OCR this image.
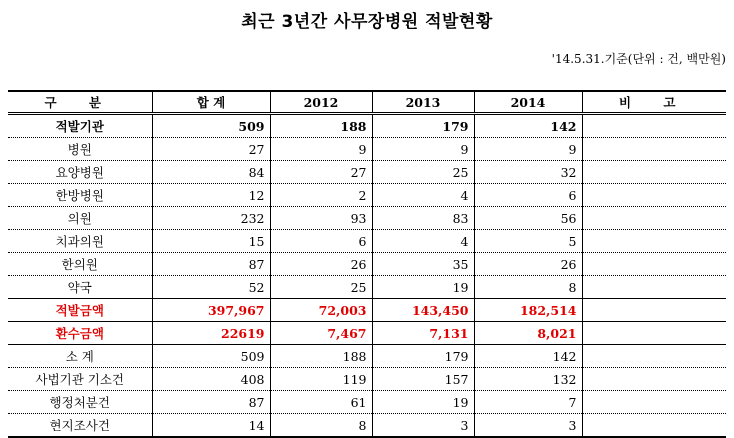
최근 3년간 사무장병원 적발현황
'14.5.31.기준(단위 : 건, 백만원)
구 분	합 계	2012	2013	2014	비 고
적발기관	509	188	179	142	
병원	27	9	9	9	
요양병원	84	27	25	32	
한방병원	12	2	4	6	
의원	232	93	83	56	
치과의원	15	6	4	5	
한의원	87	26	35	26	
약국	52	25	19	8	
적발금액	397,967	72,003	143,450	182,514	
환수금액	22619	7,467	7,131	8,021	
소 계	509	188	179	142	
사법기관 기소건	408	119	157	132	
행정처분건	87	61	19	7	
현지조사건	14	8	3	3	
